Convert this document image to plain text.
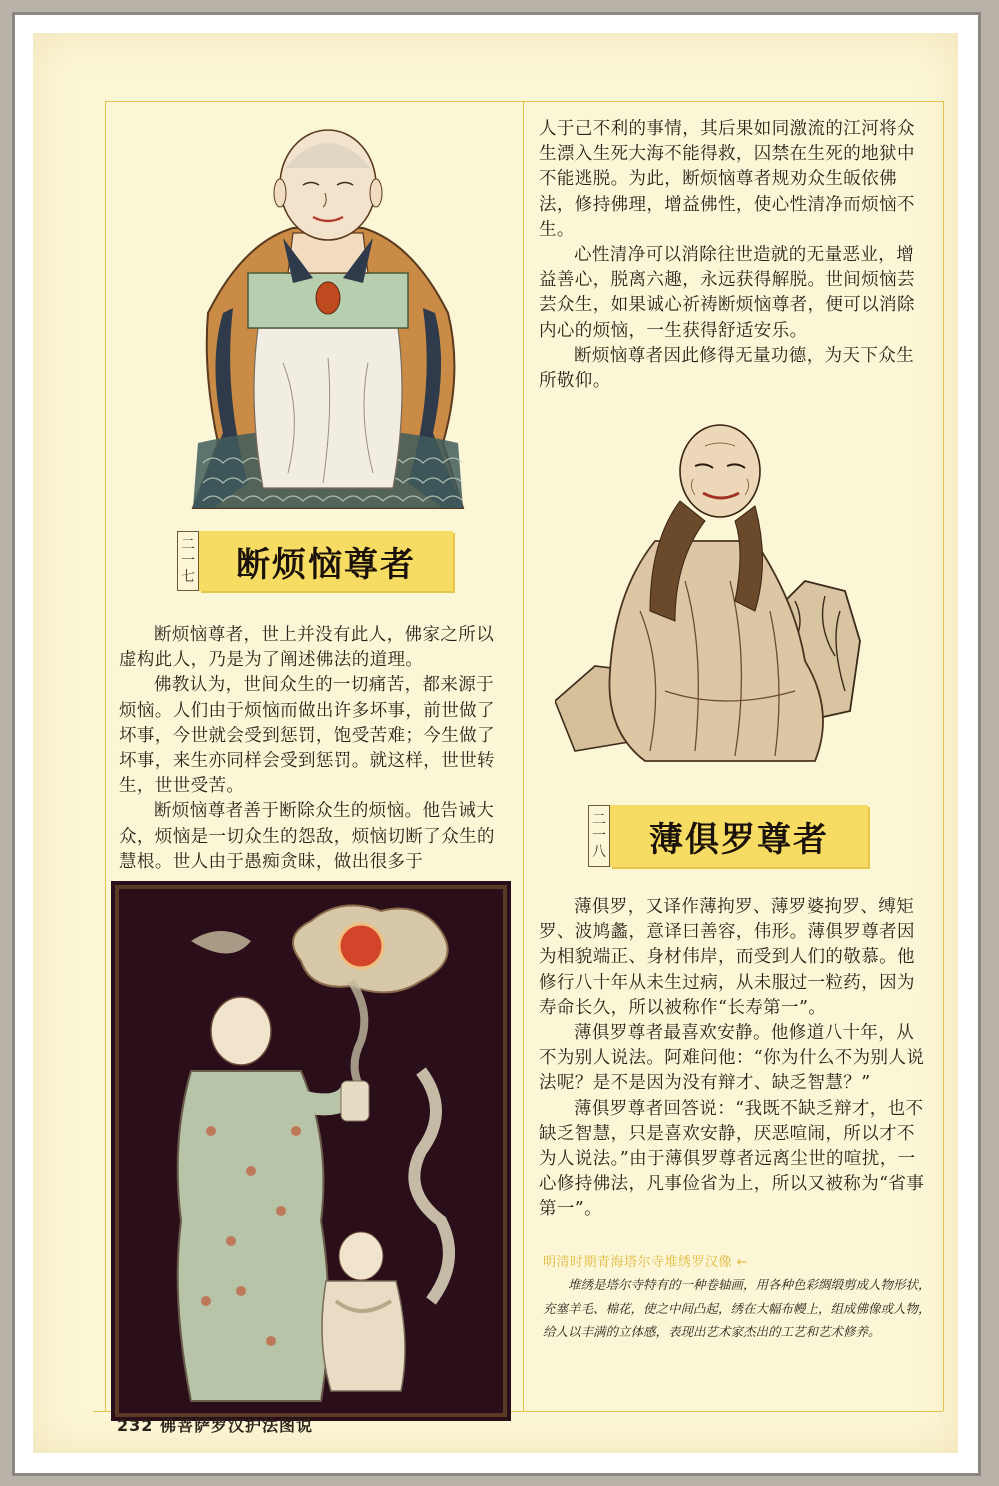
二
一
七	断烦恼尊者

断烦恼尊者，世上并没有此人，佛家之所以虚构此人，乃是为了阐述佛法的道理。

佛教认为，世间众生的一切痛苦，都来源于烦恼。人们由于烦恼而做出许多坏事，前世做了坏事，今世就会受到惩罚，饱受苦难；今生做了坏事，来生亦同样会受到惩罚。就这样，世世转生，世世受苦。

断烦恼尊者善于断除众生的烦恼。他告诫大众，烦恼是一切众生的怨敌，烦恼切断了众生的慧根。世人由于愚痴贪昧，做出很多于

人于己不利的事情，其后果如同激流的江河将众生漂入生死大海不能得救，囚禁在生死的地狱中不能逃脱。为此，断烦恼尊者规劝众生皈依佛法，修持佛理，增益佛性，使心性清净而烦恼不生。

心性清净可以消除往世造就的无量恶业，增益善心，脱离六趣，永远获得解脱。世间烦恼芸芸众生，如果诚心祈祷断烦恼尊者，便可以消除内心的烦恼，一生获得舒适安乐。

断烦恼尊者因此修得无量功德，为天下众生所敬仰。

二
一
八	薄俱罗尊者

薄俱罗，又译作薄拘罗、薄罗婆拘罗、缚矩罗、波鸠蠡，意译曰善容，伟形。薄俱罗尊者因为相貌端正、身材伟岸，而受到人们的敬慕。他修行八十年从未生过病，从未服过一粒药，因为寿命长久，所以被称作“长寿第一”。

薄俱罗尊者最喜欢安静。他修道八十年，从不为别人说法。阿难问他：“你为什么不为别人说法呢？是不是因为没有辩才、缺乏智慧？”

薄俱罗尊者回答说：“我既不缺乏辩才，也不缺乏智慧，只是喜欢安静，厌恶喧闹，所以才不为人说法。”由于薄俱罗尊者远离尘世的喧扰，一心修持佛法，凡事俭省为上，所以又被称为“省事第一”。

明清时期青海塔尔寺堆绣罗汉像 ←

堆绣是塔尔寺特有的一种卷轴画，用各种色彩绸缎剪成人物形状，充塞羊毛、棉花，使之中间凸起，绣在大幅布幔上，组成佛像或人物，给人以丰满的立体感，表现出艺术家杰出的工艺和艺术修养。

232 佛菩萨罗汉护法图说
